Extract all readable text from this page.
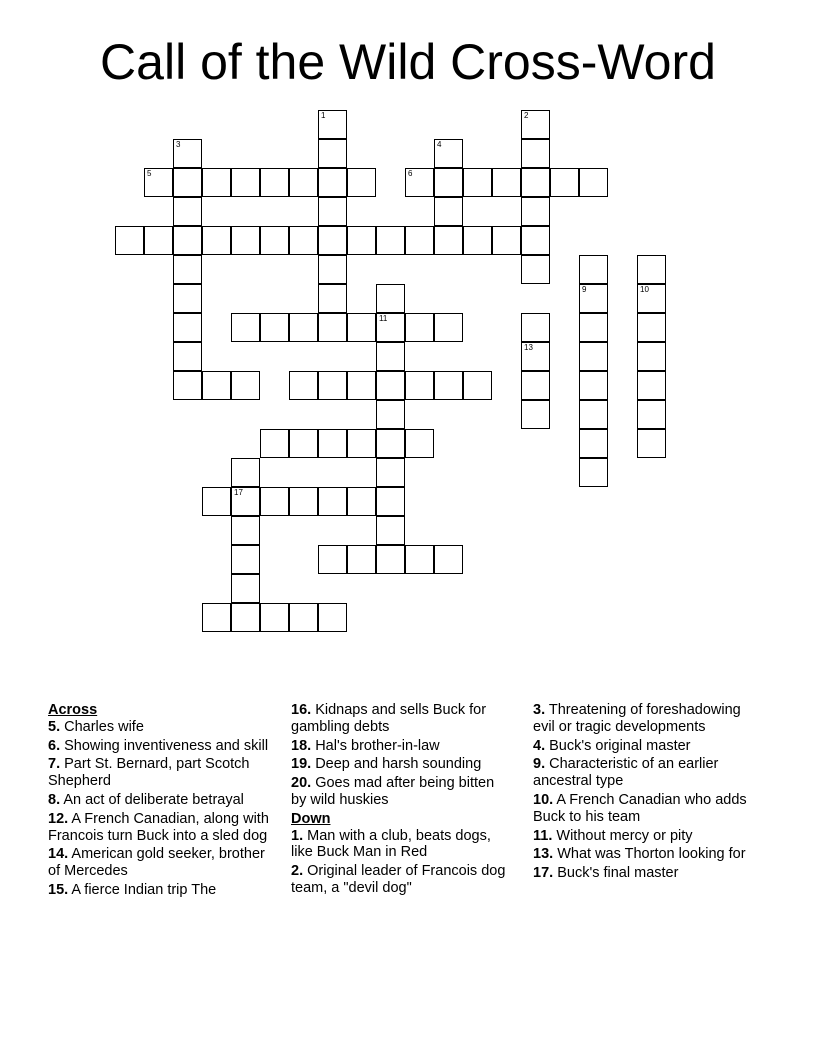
Call of the Wild Cross-Word
1	2
3	4
5	6
9	10
11
13
17
Across
5. Charles wife
6. Showing inventiveness and skill
7. Part St. Bernard, part Scotch Shepherd
8. An act of deliberate betrayal
12. A French Canadian, along with Francois turn Buck into a sled dog
14. American gold seeker, brother of Mercedes
15. A fierce Indian trip The
16. Kidnaps and sells Buck for gambling debts
18. Hal's brother-in-law
19. Deep and harsh sounding
20. Goes mad after being bitten by wild huskies
Down
1. Man with a club, beats dogs, like Buck Man in Red
2. Original leader of Francois dog team, a "devil dog"
3. Threatening of foreshadowing evil or tragic developments
4. Buck's original master
9. Characteristic of an earlier ancestral type
10. A French Canadian who adds Buck to his team
11. Without mercy or pity
13. What was Thorton looking for
17. Buck's final master
